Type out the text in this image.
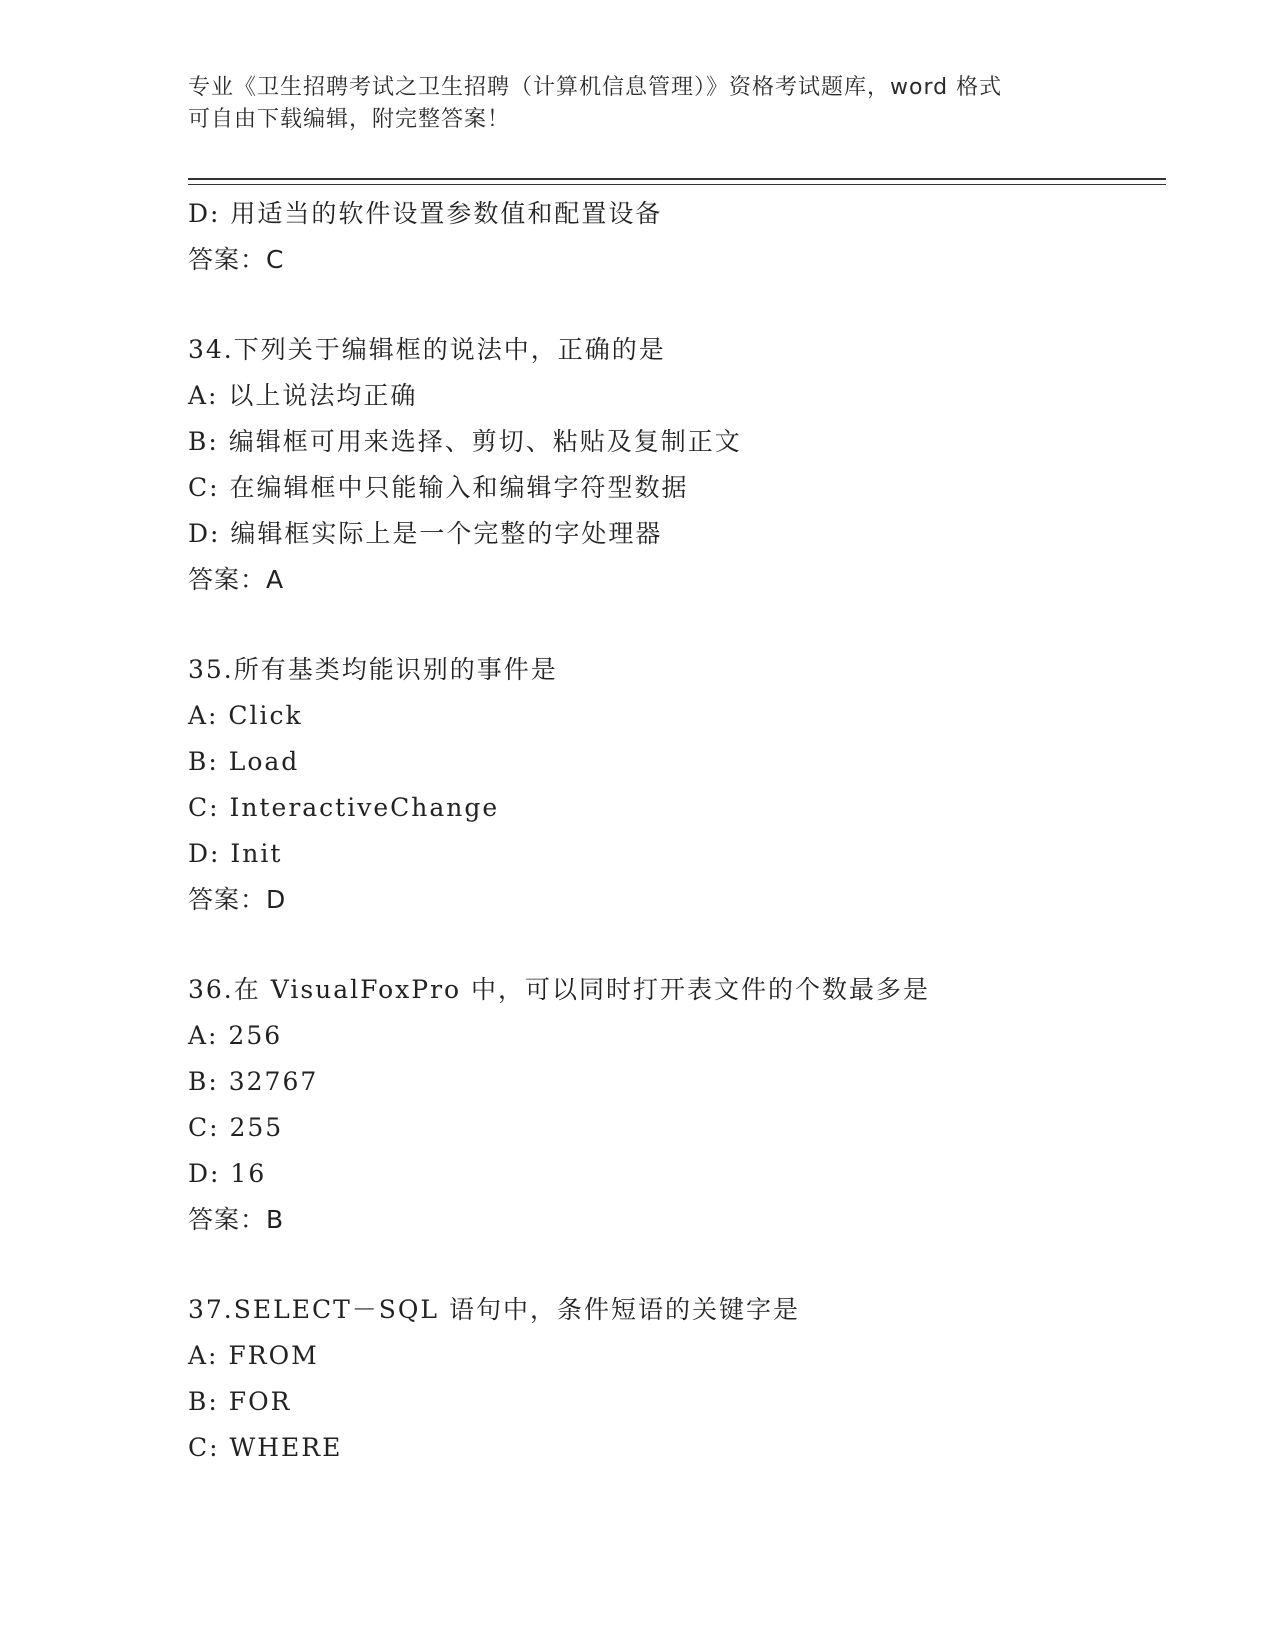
专业《卫生招聘考试之卫生招聘（计算机信息管理）》资格考试题库，word 格式
可自由下载编辑，附完整答案！
D: 用适当的软件设置参数值和配置设备
答案：C
34.下列关于编辑框的说法中，正确的是
A: 以上说法均正确
B: 编辑框可用来选择、剪切、粘贴及复制正文
C: 在编辑框中只能输入和编辑字符型数据
D: 编辑框实际上是一个完整的字处理器
答案：A
35.所有基类均能识别的事件是
A: Click
B: Load
C: InteractiveChange
D: Init
答案：D
36.在 VisualFoxPro 中，可以同时打开表文件的个数最多是
A: 256
B: 32767
C: 255
D: 16
答案：B
37.SELECT－SQL 语句中，条件短语的关键字是
A: FROM
B: FOR
C: WHERE
